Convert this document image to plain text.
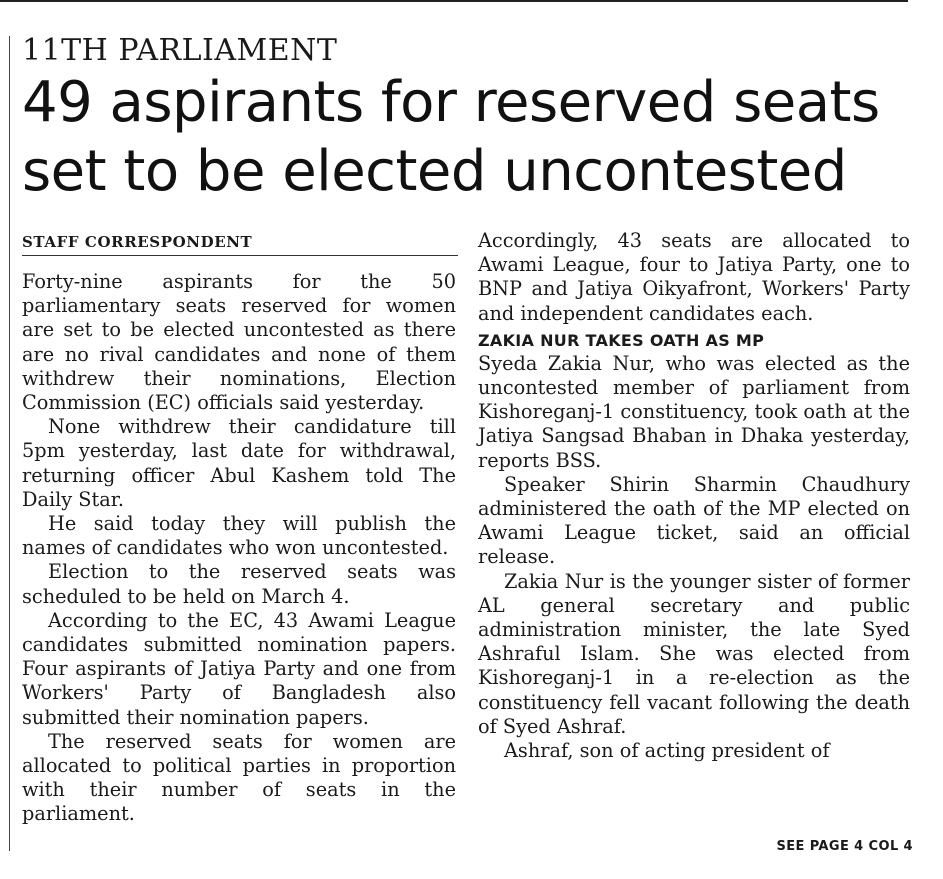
11TH PARLIAMENT
49 aspirants for reserved seats set to be elected uncontested
STAFF CORRESPONDENT

Forty-nine aspirants for the 50 parliamentary seats reserved for women are set to be elected uncontested as there are no rival candidates and none of them withdrew their nominations, Election Commission (EC) officials said yesterday.

None withdrew their candidature till 5pm yesterday, last date for withdrawal, returning officer Abul Kashem told The Daily Star.

He said today they will publish the names of candidates who won uncontested.

Election to the reserved seats was scheduled to be held on March 4.

According to the EC, 43 Awami League candidates submitted nomination papers. Four aspirants of Jatiya Party and one from Workers' Party of Bangladesh also submitted their nomination papers.

The reserved seats for women are allocated to political parties in proportion with their number of seats in the parliament.

Accordingly, 43 seats are allocated to Awami League, four to Jatiya Party, one to BNP and Jatiya Oikyafront, Workers' Party and independent candidates each.

ZAKIA NUR TAKES OATH AS MP

Syeda Zakia Nur, who was elected as the uncontested member of parliament from Kishoreganj-1 constituency, took oath at the Jatiya Sangsad Bhaban in Dhaka yesterday, reports BSS.

Speaker Shirin Sharmin Chaudhury administered the oath of the MP elected on Awami League ticket, said an official release.

Zakia Nur is the younger sister of former AL general secretary and public administration minister, the late Syed Ashraful Islam. She was elected from Kishoreganj-1 in a re-election as the constituency fell vacant following the death of Syed Ashraf.

Ashraf, son of acting president of

SEE PAGE 4 COL 4
